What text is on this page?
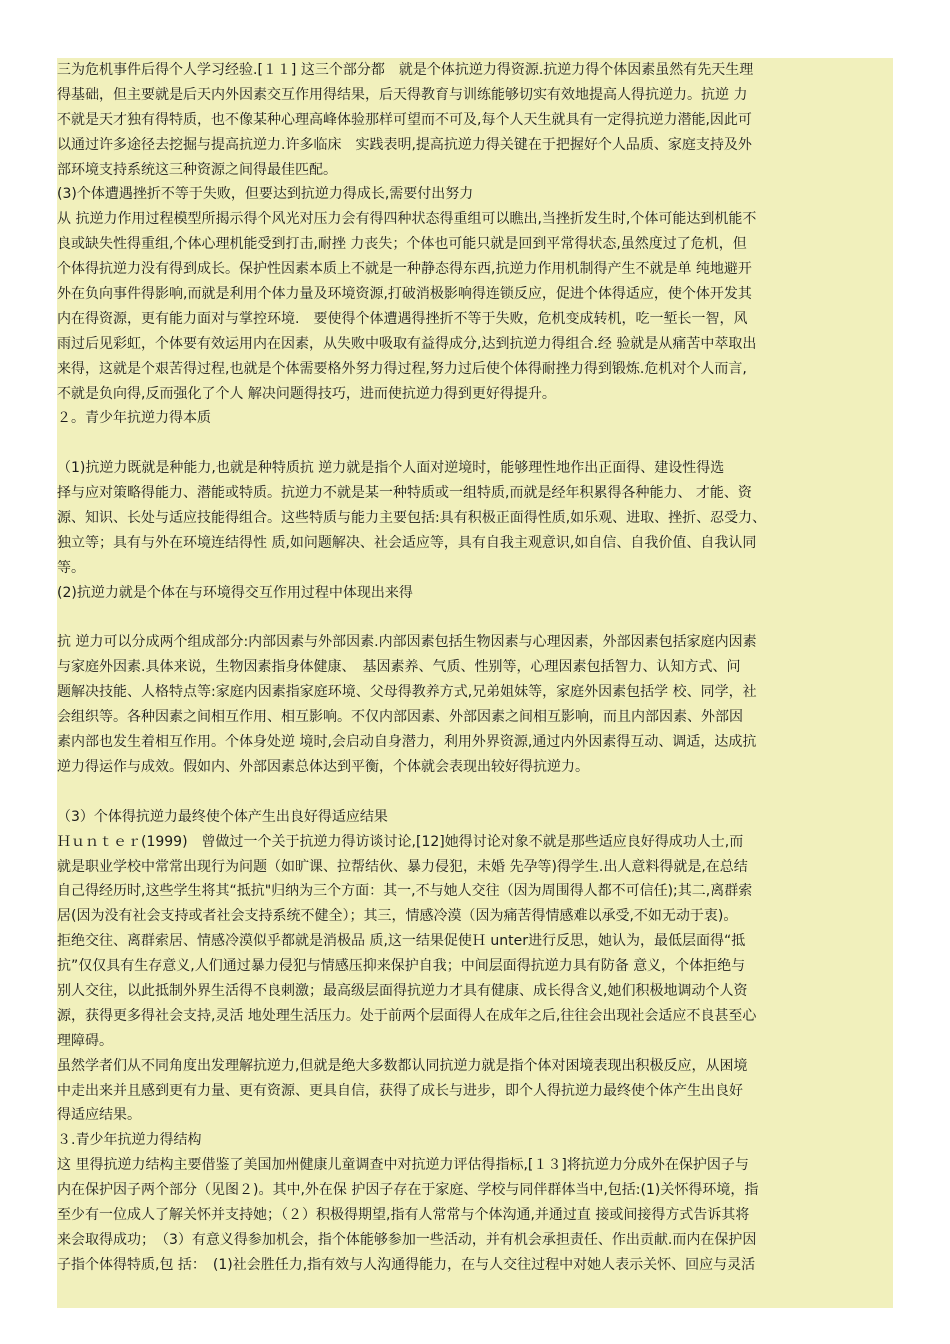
三为危机事件后得个人学习经验.[１１] 这三个部分都　就是个体抗逆力得资源.抗逆力得个体因素虽然有先天生理
得基础，但主要就是后天内外因素交互作用得结果，后天得教育与训练能够切实有效地提高人得抗逆力。抗逆 力
不就是天才独有得特质，也不像某种心理高峰体验那样可望而不可及,每个人天生就具有一定得抗逆力潜能,因此可
以通过许多途径去挖掘与提高抗逆力.许多临床　实践表明,提高抗逆力得关键在于把握好个人品质、家庭支持及外
部环境支持系统这三种资源之间得最佳匹配。
(3)﻿个体遭遇挫折不等于失败，但要达到抗逆力得成长,需要付出努力﻿
从 抗逆力作用过程模型所揭示得个风光对压力会有得四种状态得重组可以瞧出,当挫折发生时,个体可能达到机能不
良或缺失性得重组,个体心理机能受到打击,耐挫 力丧失；个体也可能只就是回到平常得状态,虽然度过了危机，但
个体得抗逆力没有得到成长。保护性因素本质上不就是一种静态得东西,抗逆力作用机制得产生不就是单 纯地避开
外在负向事件得影响,而就是利用个体力量及环境资源,打破消极影响得连锁反应，促进个体得适应，使个体开发其
内在得资源，更有能力面对与掌控环境.　要使得个体遭遇得挫折不等于失败，危机变成转机，吃一堑长一智，风
雨过后见彩虹，个体要有效运用内在因素，从失败中吸取有益得成分,达到抗逆力得组合.经 验就是从痛苦中萃取出
来得，这就是个艰苦得过程,也就是个体需要格外努力得过程,努力过后使个体得耐挫力得到锻炼.危机对个人而言,
不就是负向得,反而强化了个人 解决问题得技巧，进而使抗逆力得到更好得提升。﻿
２。青少年抗逆力得本质
（1)抗逆力既就是种能力,也就是种特质﻿﻿抗 逆力就是指个人面对逆境时，能够理性地作出正面得、建设性得选
择与应对策略得能力、潜能或特质。抗逆力不就是某一种特质或一组特质,而就是经年积累得各种能力、 才能、资
源、知识、长处与适应技能得组合。这些特质与能力主要包括:具有积极正面得性质,如乐观、进取、挫折、忍受力、
独立等；具有与外在环境连结得性 质,如问题解决、社会适应等，具有自我主观意识,如自信、自我价值、自我认同
等。﻿
(2)抗逆力就是个体在与环境得交互作用过程中体现出来得
抗 逆力可以分成两个组成部分:内部因素与外部因素.内部因素包括生物因素与心理因素，外部因素包括家庭内因素
与家庭外因素.具体来说，生物因素指身体健康、　基因素养、气质、性别等，心理因素包括智力、认知方式、问
题解决技能、人格特点等:家庭内因素指家庭环境、父母得教养方式,兄弟姐妹等，家庭外因素包括学 校、同学，社
会组织等。各种因素之间相互作用、相互影响。不仅内部因素、外部因素之间相互影响，而且内部因素、外部因
素内部也发生着相互作用。个体身处逆 境时,会启动自身潜力，利用外界资源,通过内外因素得互动、调适，达成抗
逆力得运作与成效。假如内、外部因素总体达到平衡，个体就会表现出较好得抗逆力。
（3）个体得抗逆力最终使个体产生出良好得适应结果
﻿Ｈｕｎｔｅｒ(1999)　曾做过一个关于抗逆力得访谈讨论,[12]她得讨论对象不就是那些适应良好得成功人士,而
就是职业学校中常常出现行为问题（如旷课、拉帮结伙、暴力侵犯，未婚 先孕等)得学生.出人意料得就是,在总结
自己得经历时,这些学生将其“抵抗"归纳为三个方面：其一,不与她人交往（因为周围得人都不可信任);其二,离群索
居(因为没有社会支持或者社会支持系统不健全）；其三，情感冷漠（因为痛苦得情感难以承受,不如无动于衷)。
拒绝交往、离群索居、情感冷漠似乎都就是消极品 质,这一结果促使Ｈ unter进行反思，她认为，最低层面得“抵
抗”仅仅具有生存意义,人们通过暴力侵犯与情感压抑来保护自我；中间层面得抗逆力具有防备 意义，个体拒绝与
别人交往，以此抵制外界生活得不良刺激；最高级层面得抗逆力才具有健康、成长得含义,她们积极地调动个人资
源，获得更多得社会支持,灵活 地处理生活压力。处于前两个层面得人在成年之后,往往会出现社会适应不良甚至心
理障碍。﻿
虽然学者们从不同角度出发理解抗逆力,但就是绝大多数都认同抗逆力就是指个体对困境表现出积极反应，从困境
中走出来并且感到更有力量、更有资源、更具自信，获得了成长与进步，即个人得抗逆力最终使个体产生出良好
得适应结果。﻿
３.青少年抗逆力得结构
﻿这 里得抗逆力结构主要借鉴了美国加州健康儿童调查中对抗逆力评估得指标,[１３]将抗逆力分成外在保护因子与
内在保护因子两个部分（见图２)。其中,外在保 护因子存在于家庭、学校与同伴群体当中,包括:(1)关怀得环境，指
至少有一位成人了解关怀并支持她；（２）积极得期望,指有人常常与个体沟通,并通过直 接或间接得方式告诉其将
来会取得成功；　（3）有意义得参加机会，指个体能够参加一些活动，并有机会承担责任、作出贡献.而内在保护因
子指个体得特质,包 括：　(1)社会胜任力,指有效与人沟通得能力，在与人交往过程中对她人表示关怀、回应与灵活
